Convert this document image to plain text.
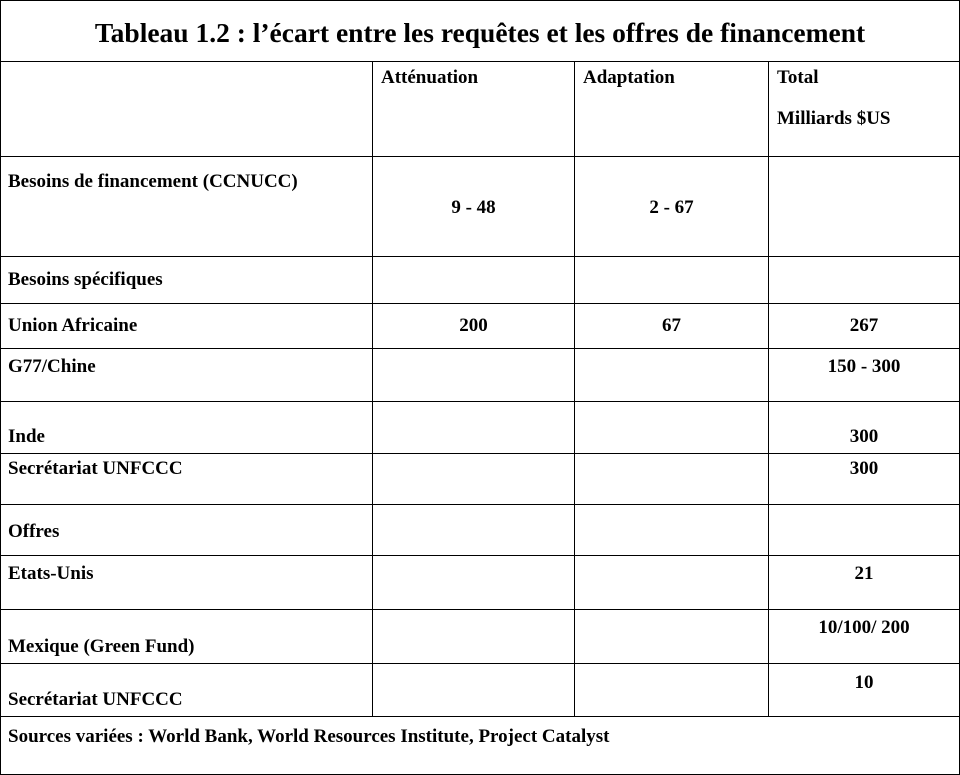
Tableau 1.2 : l’écart entre les requêtes et les offres de financement			
	Atténuation	Adaptation	Total
Milliards $US

Besoins de financement (CCNUCC)	9 - 48	2 - 67	
Besoins spécifiques			
Union Africaine	200	67	267
G77/Chine			150 - 300
Inde			300
Secrétariat UNFCCC			300
Offres			
Etats-Unis			21
Mexique (Green Fund)			10/100/ 200
Secrétariat UNFCCC			10
Sources variées : World Bank, World Resources Institute, Project Catalyst			
